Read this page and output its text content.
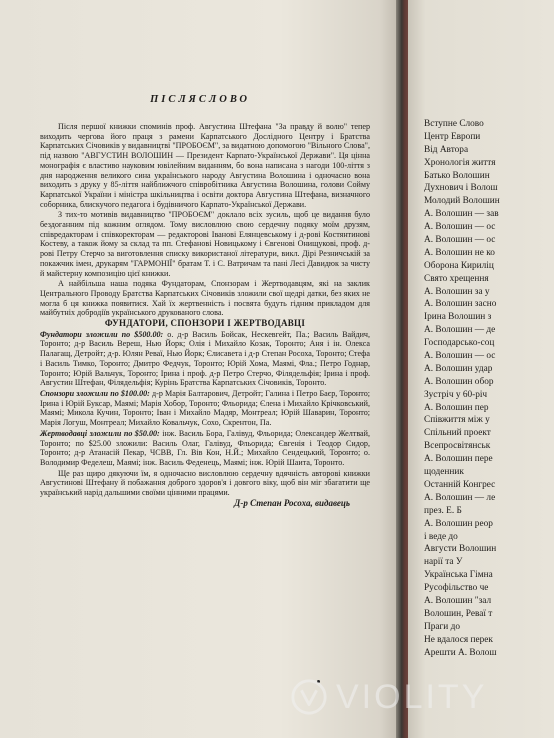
ПІСЛЯСЛОВО

Після першої книжки споминів проф. Августина Штефана "За правду й волю" тепер виходить чергова його праця з рамени Карпатського Дослідного Центру і Братства Карпатських Січовиків у видавництві "ПРОБОЄМ", за видатною допомогою "Вільного Слова", під назвою "АВГУСТИН ВОЛОШИН — Президент Карпато-Української Держави". Ця цінна монографія є властиво науковим ювілейним виданням, бо вона написана з нагоди 100-ліття з дня народження великого сина українського народу Августина Волошина і одночасно вона виходить з друку у 85-ліття найближчого співробітника Августина Волошина, голови Сойму Карпатської України і міністра шкільництва і освіти доктора Августина Штефана, визначного соборника, блискучого педагога і будівничого Карпато-Української Держави.

З тих-то мотивів видавництво "ПРОБОЄМ" доклало всіх зусиль, щоб це видання було бездоганним під кожним оглядом. Тому висловлюю свою сердечну подяку моїм друзям, співредакторам і співкоректорам — редакторові Іванові Елянцевському і д-рові Костянтинові Костеву, а також йому за склад та пп. Стефанові Новицькому і Євгенові Онищукові, проф. д-рові Петру Стерчо за виготовлення списку використаної літератури, викл. Дірі Резничській за покажчик імен, друкарям "ГАРМОНІЇ" братам Т. і С. Ватричам та пані Лесі Давидюк за чисту й майстерну композицію цієї книжки.

А найбільша наша подяка Фундаторам, Спонзорам і Жертводавцям, які на заклик Центрального Проводу Братства Карпатських Січовиків зложили свої щедрі датки, без яких не могла б ця книжка появитися. Хай їх жертвенність і посвята будуть гідним прикладом для майбутніх добродіїв українського друкованого слова.

ФУНДАТОРИ, СПОНЗОРИ І ЖЕРТВОДАВЦІ

Фундатори зложили по $500.00: о. д-р Василь Бойсак, Нескевгейт, Па.; Василь Вайдич, Торонто; д-р Василь Вереш, Нью Йорк; Олія і Михайло Козак, Торонто; Аня і ін. Олекса Палагащ, Детройт; д-р. Юлян Реваї, Нью Йорк; Єлисавета і д-р Степан Росоха, Торонто; Стефа і Василь Тимко, Торонто; Дмитро Федчук, Торонто; Юрій Хома, Маямі, Фла.; Петро Годнар, Торонто; Юрій Вальчук, Торонто; Ірина і проф. д-р Петро Стерчо, Філядельфія; Ірина і проф. Августин Штефан, Філядельфія; Курінь Братства Карпатських Січовиків, Торонто.

Спонзори зложили по $100.00: д-р Марія Балтарович, Детройт; Галина і Петро Баєр, Торонто; Ірина і Юрій Буксар, Маямі; Марія Хобор, Торонто; Фльорида; Єлена і Михайло Крічковський, Маямі; Микола Кучин, Торонто; Іван і Михайло Мадяр, Монтреал; Юрій Шаварин, Торонто; Марія Логуш, Монтреал; Михайло Ковальчук, Сохо, Скрентон, Па.

Жертводавці зложили по $50.00: інж. Василь Бора, Галівуд, Фльорида; Олександер Желтвай, Торонто; по $25.00 зложили: Василь Олаг, Галівуд, Фльорида; Євгенія і Теодор Сидор, Торонто; д-р Атанасій Пекар, ЧСВВ, Гл. Вів Кон, Н.Й.; Михайло Сендецький, Торонто; о. Володимир Феделеш, Маямі; інж. Василь Феденець, Маямі; інж. Юрій Шаита, Торонто.

Ще раз щиро дякуючи їм, я одночасно висловлюю сердечну вдячність авторові книжки Августинові Штефану й побажання доброго здоров'я і довгого віку, щоб він міг збагатити ще український нарід дальшими своїми цінними працями.

Д-р Степан Росоха, видавець

Вступне Слово
Центр Европи
Від Автора
Хронологія життя
Батько Волошин
Духнович і Волош
Молодий Волошин
А. Волошин — зав
А. Волошин — ос
А. Волошин — ос
А. Волошин не ко
Оборона Кириліц
Свято хрещення
А. Волошин за у
А. Волошин засно
Ірина Волошин з
А. Волошин — де
Господарсько-соц
А. Волошин — ос
А. Волошин удар
А. Волошин обор
Зустріч у 60-річ
А. Волошин пер
Співжиття між у
Спільний проект
Всепросвітянськ
А. Волошин пере
щоденник
Останній Конгрес
А. Волошин — ле
през. Е. Б
А. Волошин реор
і веде до
Августи Волошин
нарії та У
Українська Гімна
Русофільство че
А. Волошин "зал
Волошин, Реваї т
Праги до
Не вдалося перек
Арешти А. Волош
VIOLITY
